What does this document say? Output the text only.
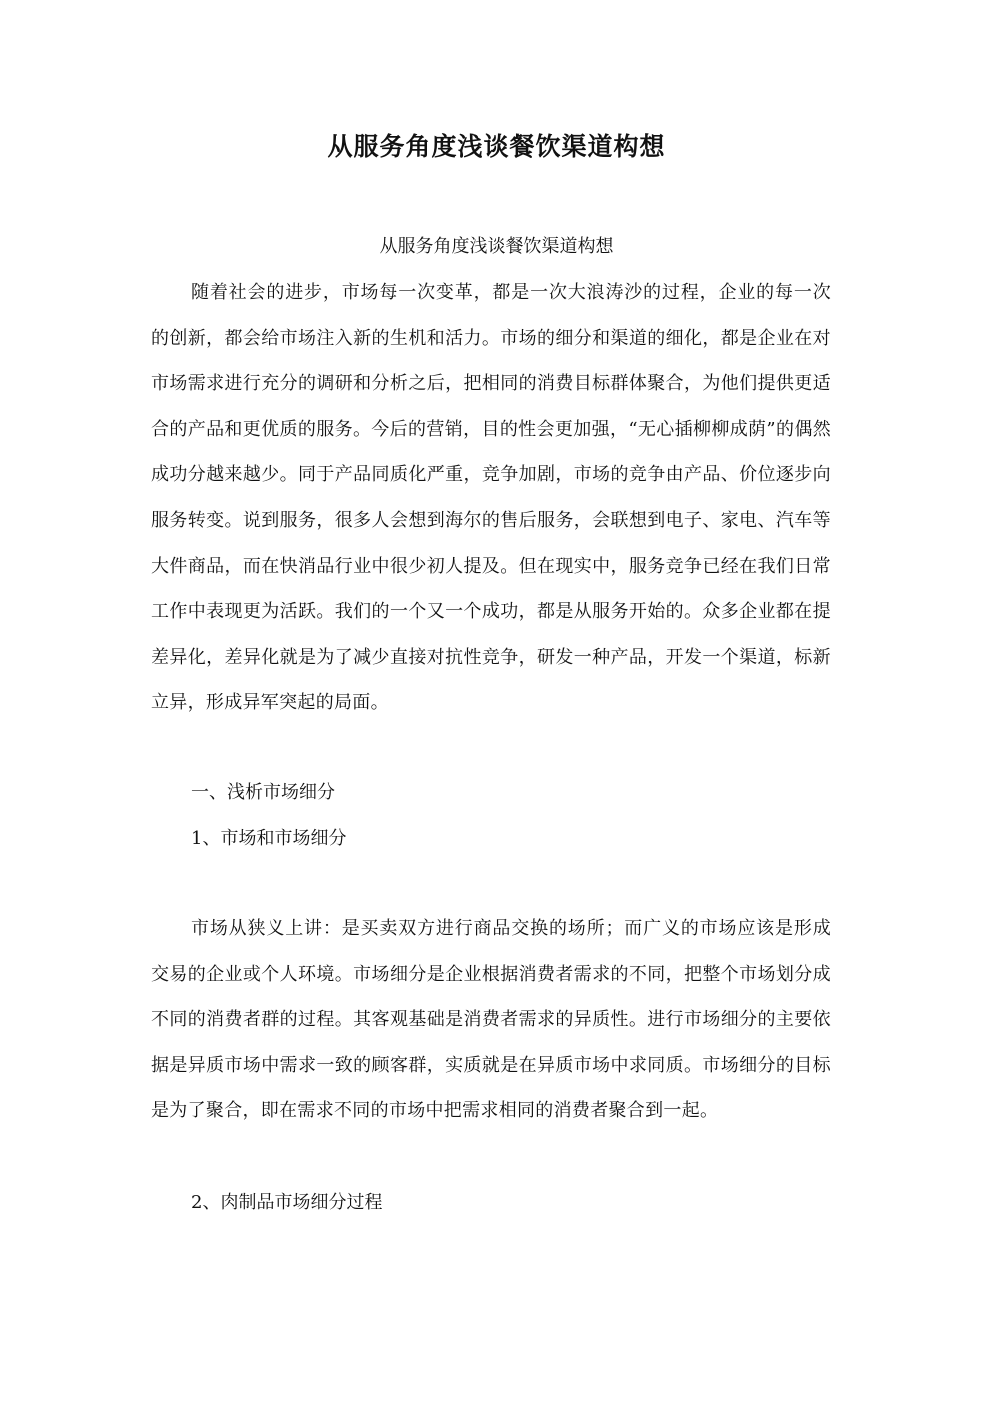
从服务角度浅谈餐饮渠道构想

从服务角度浅谈餐饮渠道构想

随着社会的进步，市场每一次变革，都是一次大浪涛沙的过程，企业的每一次的创新，都会给市场注入新的生机和活力。市场的细分和渠道的细化，都是企业在对市场需求进行充分的调研和分析之后，把相同的消费目标群体聚合，为他们提供更适合的产品和更优质的服务。今后的营销，目的性会更加强，“无心插柳柳成荫”的偶然成功分越来越少。同于产品同质化严重，竞争加剧，市场的竞争由产品、价位逐步向服务转变。说到服务，很多人会想到海尔的售后服务，会联想到电子、家电、汽车等大件商品，而在快消品行业中很少初人提及。但在现实中，服务竞争已经在我们日常工作中表现更为活跃。我们的一个又一个成功，都是从服务开始的。众多企业都在提差异化，差异化就是为了减少直接对抗性竞争，研发一种产品，开发一个渠道，标新立异，形成异军突起的局面。

一、浅析市场细分

1、市场和市场细分

市场从狭义上讲：是买卖双方进行商品交换的场所；而广义的市场应该是形成交易的企业或个人环境。市场细分是企业根据消费者需求的不同，把整个市场划分成不同的消费者群的过程。其客观基础是消费者需求的异质性。进行市场细分的主要依据是异质市场中需求一致的顾客群，实质就是在异质市场中求同质。市场细分的目标是为了聚合，即在需求不同的市场中把需求相同的消费者聚合到一起。

2、肉制品市场细分过程
